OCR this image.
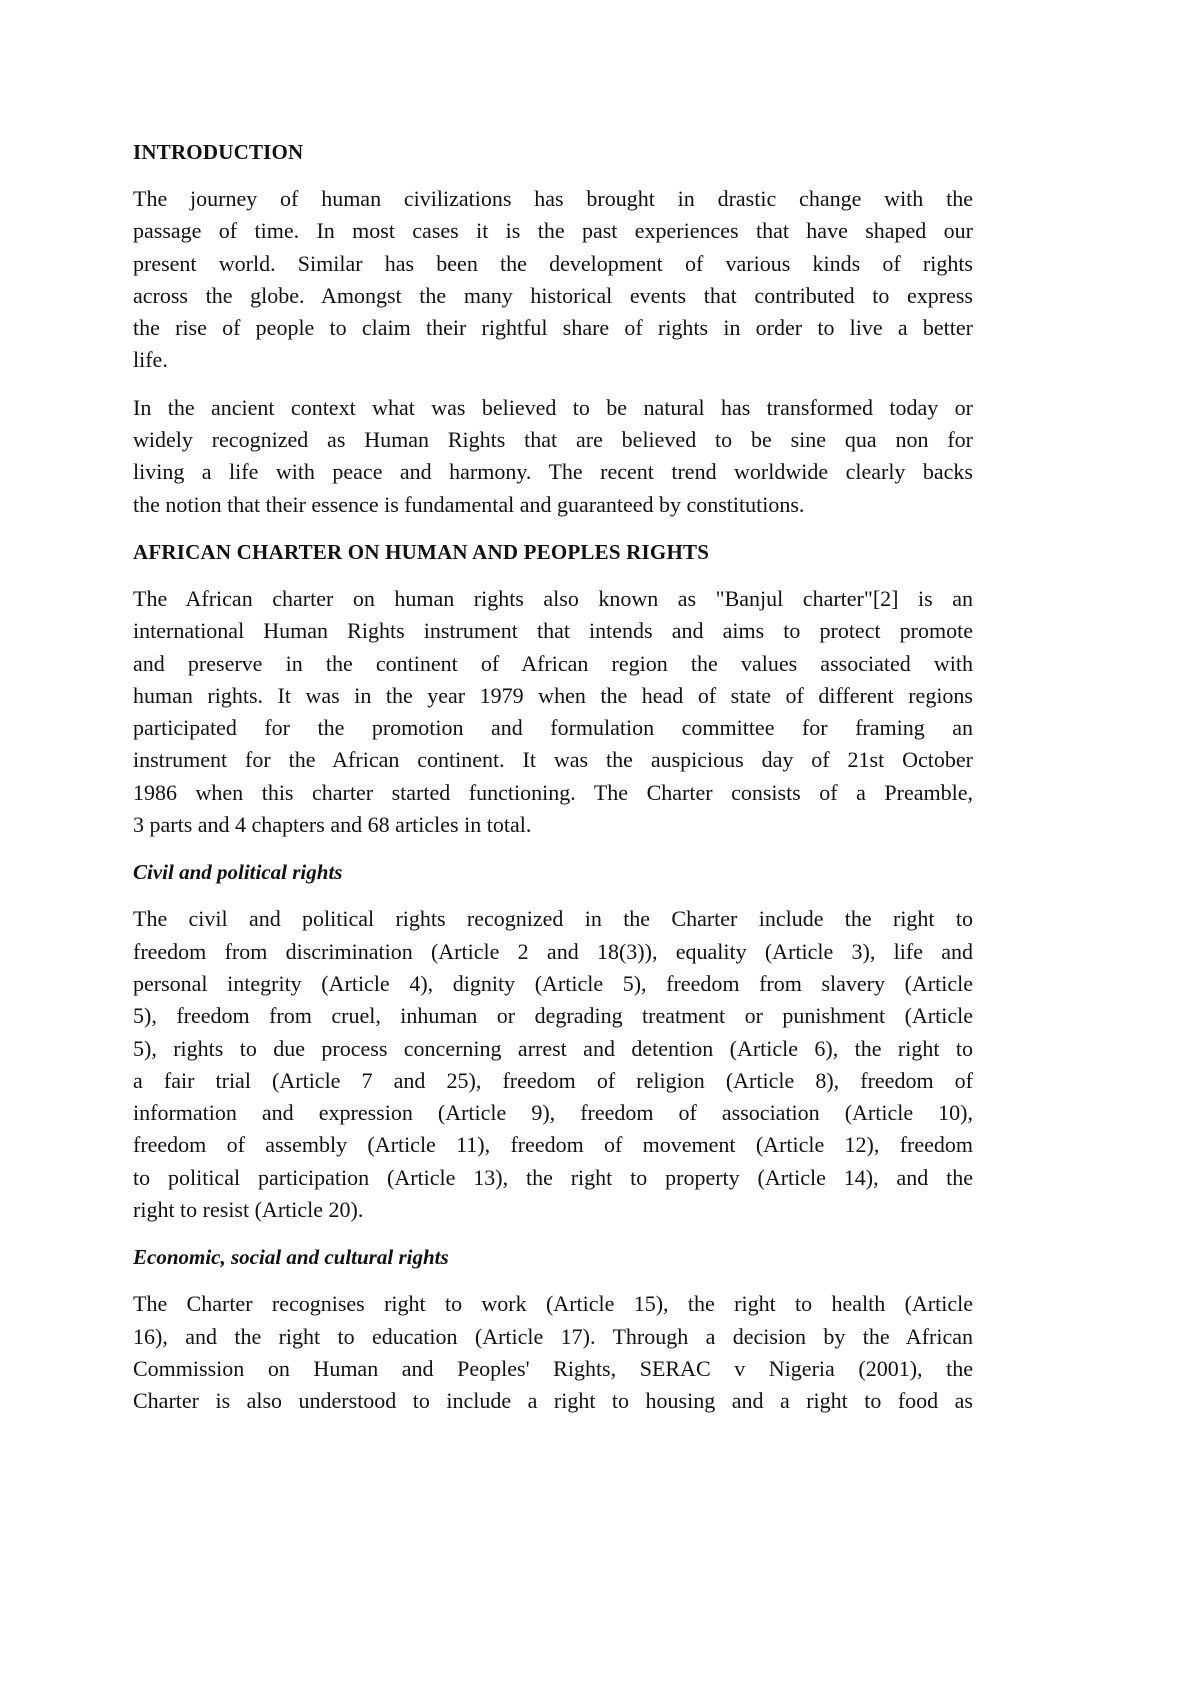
INTRODUCTION
The journey of human civilizations has brought in drastic change with the
passage of time. In most cases it is the past experiences that have shaped our
present world. Similar has been the development of various kinds of rights
across the globe. Amongst the many historical events that contributed to express
the rise of people to claim their rightful share of rights in order to live a better
life.
In the ancient context what was believed to be natural has transformed today or
widely recognized as Human Rights that are believed to be sine qua non for
living a life with peace and harmony. The recent trend worldwide clearly backs
the notion that their essence is fundamental and guaranteed by constitutions.
AFRICAN CHARTER ON HUMAN AND PEOPLES RIGHTS
The African charter on human rights also known as "Banjul charter"[2] is an
international Human Rights instrument that intends and aims to protect promote
and preserve in the continent of African region the values associated with
human rights. It was in the year 1979 when the head of state of different regions
participated for the promotion and formulation committee for framing an
instrument for the African continent. It was the auspicious day of 21st October
1986 when this charter started functioning. The Charter consists of a Preamble,
3 parts and 4 chapters and 68 articles in total.
Civil and political rights
The civil and political rights recognized in the Charter include the right to
freedom from discrimination (Article 2 and 18(3)), equality (Article 3), life and
personal integrity (Article 4), dignity (Article 5), freedom from slavery (Article
5), freedom from cruel, inhuman or degrading treatment or punishment (Article
5), rights to due process concerning arrest and detention (Article 6), the right to
a fair trial (Article 7 and 25), freedom of religion (Article 8), freedom of
information and expression (Article 9), freedom of association (Article 10),
freedom of assembly (Article 11), freedom of movement (Article 12), freedom
to political participation (Article 13), the right to property (Article 14), and the
right to resist (Article 20).
Economic, social and cultural rights
The Charter recognises right to work (Article 15), the right to health (Article
16), and the right to education (Article 17). Through a decision by the African
Commission on Human and Peoples' Rights, SERAC v Nigeria (2001), the
Charter is also understood to include a right to housing and a right to food as
